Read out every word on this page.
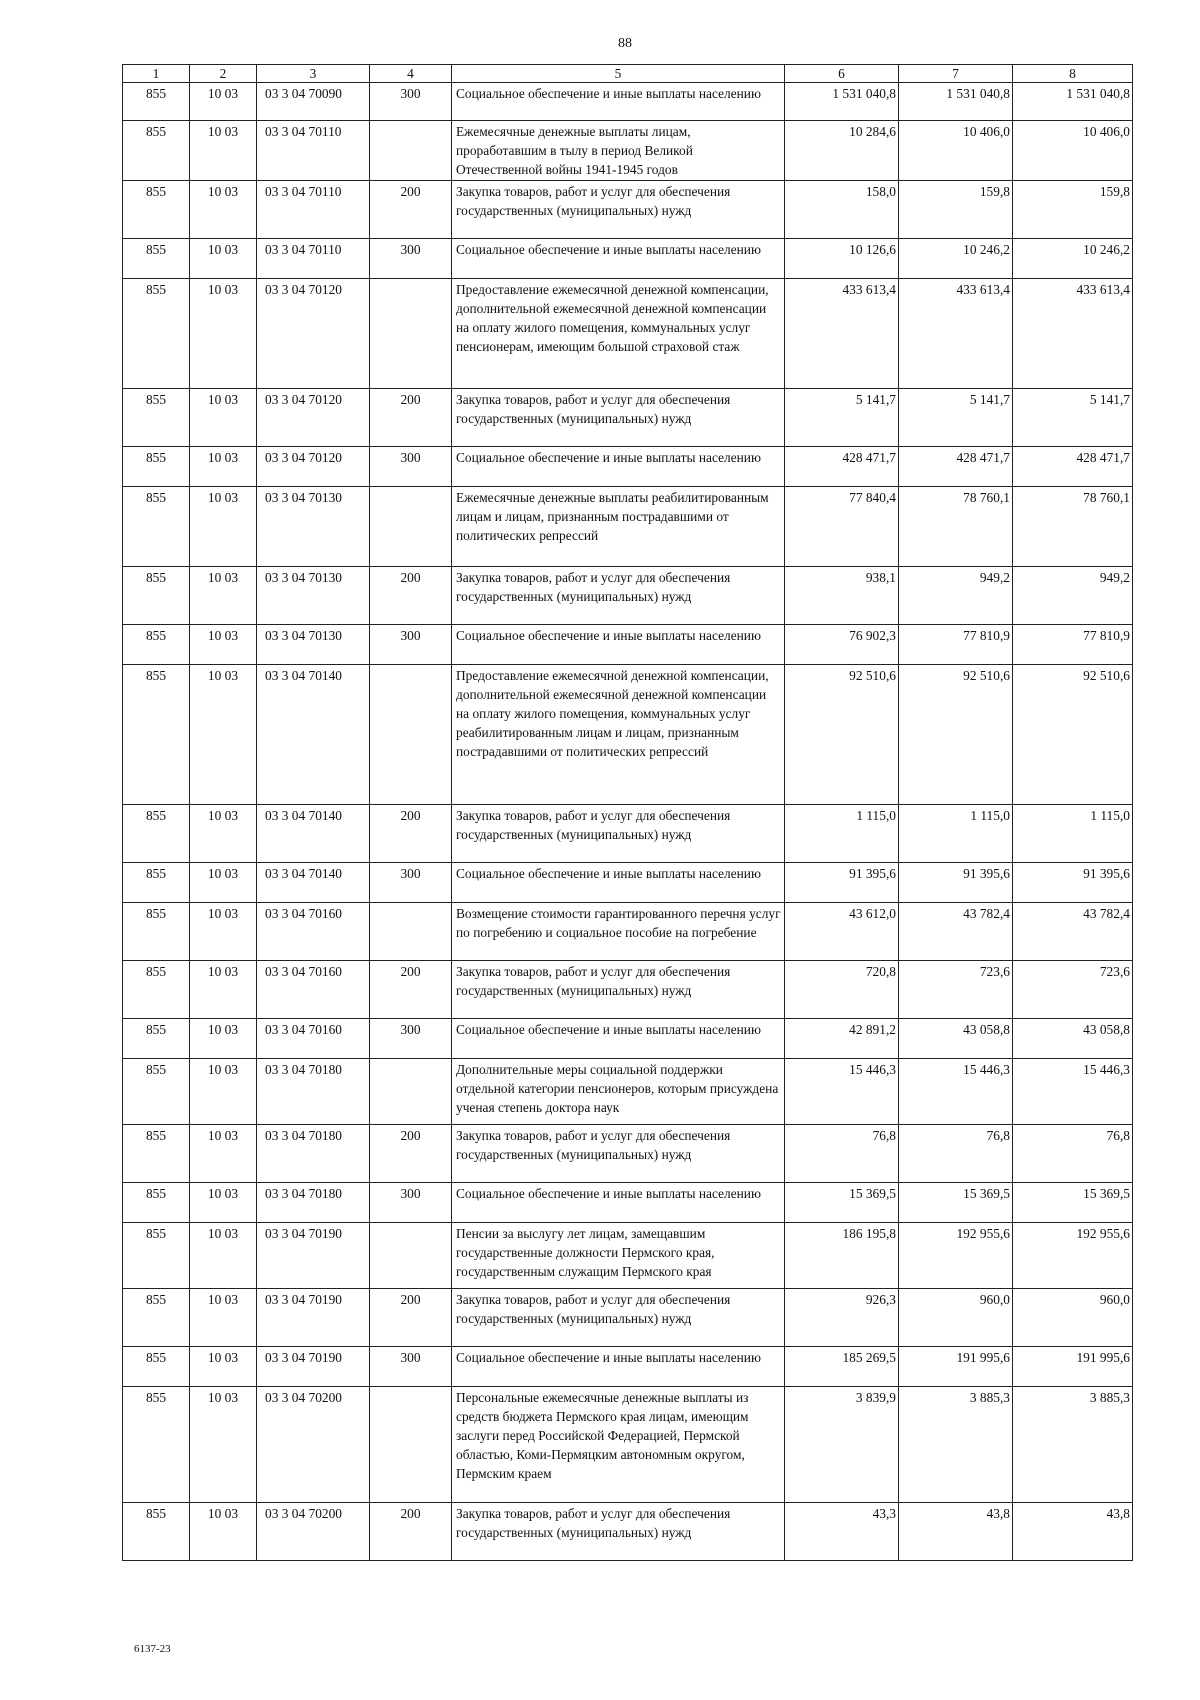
88
1	2	3	4	5	6	7	8
855	10 03	03 3 04 70090	300	Социальное обеспечение и иные выплаты населению	1 531 040,8	1 531 040,8	1 531 040,8
855	10 03	03 3 04 70110		Ежемесячные денежные выплаты лицам, проработавшим в тылу в период Великой Отечественной войны 1941-1945 годов	10 284,6	10 406,0	10 406,0
855	10 03	03 3 04 70110	200	Закупка товаров, работ и услуг для обеспечения государственных (муниципальных) нужд	158,0	159,8	159,8
855	10 03	03 3 04 70110	300	Социальное обеспечение и иные выплаты населению	10 126,6	10 246,2	10 246,2
855	10 03	03 3 04 70120		Предоставление ежемесячной денежной компенсации, дополнительной ежемесячной денежной компенсации на оплату жилого помещения, коммунальных услуг пенсионерам, имеющим большой страховой стаж	433 613,4	433 613,4	433 613,4
855	10 03	03 3 04 70120	200	Закупка товаров, работ и услуг для обеспечения государственных (муниципальных) нужд	5 141,7	5 141,7	5 141,7
855	10 03	03 3 04 70120	300	Социальное обеспечение и иные выплаты населению	428 471,7	428 471,7	428 471,7
855	10 03	03 3 04 70130		Ежемесячные денежные выплаты реабилитированным лицам и лицам, признанным пострадавшими от политических репрессий	77 840,4	78 760,1	78 760,1
855	10 03	03 3 04 70130	200	Закупка товаров, работ и услуг для обеспечения государственных (муниципальных) нужд	938,1	949,2	949,2
855	10 03	03 3 04 70130	300	Социальное обеспечение и иные выплаты населению	76 902,3	77 810,9	77 810,9
855	10 03	03 3 04 70140		Предоставление ежемесячной денежной компенсации, дополнительной ежемесячной денежной компенсации на оплату жилого помещения, коммунальных услуг реабилитированным лицам и лицам, признанным пострадавшими от политических репрессий	92 510,6	92 510,6	92 510,6
855	10 03	03 3 04 70140	200	Закупка товаров, работ и услуг для обеспечения государственных (муниципальных) нужд	1 115,0	1 115,0	1 115,0
855	10 03	03 3 04 70140	300	Социальное обеспечение и иные выплаты населению	91 395,6	91 395,6	91 395,6
855	10 03	03 3 04 70160		Возмещение стоимости гарантированного перечня услуг по погребению и социальное пособие на погребение	43 612,0	43 782,4	43 782,4
855	10 03	03 3 04 70160	200	Закупка товаров, работ и услуг для обеспечения государственных (муниципальных) нужд	720,8	723,6	723,6
855	10 03	03 3 04 70160	300	Социальное обеспечение и иные выплаты населению	42 891,2	43 058,8	43 058,8
855	10 03	03 3 04 70180		Дополнительные меры социальной поддержки отдельной категории пенсионеров, которым присуждена ученая степень доктора наук	15 446,3	15 446,3	15 446,3
855	10 03	03 3 04 70180	200	Закупка товаров, работ и услуг для обеспечения государственных (муниципальных) нужд	76,8	76,8	76,8
855	10 03	03 3 04 70180	300	Социальное обеспечение и иные выплаты населению	15 369,5	15 369,5	15 369,5
855	10 03	03 3 04 70190		Пенсии за выслугу лет лицам, замещавшим государственные должности Пермского края, государственным служащим Пермского края	186 195,8	192 955,6	192 955,6
855	10 03	03 3 04 70190	200	Закупка товаров, работ и услуг для обеспечения государственных (муниципальных) нужд	926,3	960,0	960,0
855	10 03	03 3 04 70190	300	Социальное обеспечение и иные выплаты населению	185 269,5	191 995,6	191 995,6
855	10 03	03 3 04 70200		Персональные ежемесячные денежные выплаты из средств бюджета Пермского края лицам, имеющим заслуги перед Российской Федерацией, Пермской областью, Коми-Пермяцким автономным округом, Пермским краем	3 839,9	3 885,3	3 885,3
855	10 03	03 3 04 70200	200	Закупка товаров, работ и услуг для обеспечения государственных (муниципальных) нужд	43,3	43,8	43,8
6137-23
